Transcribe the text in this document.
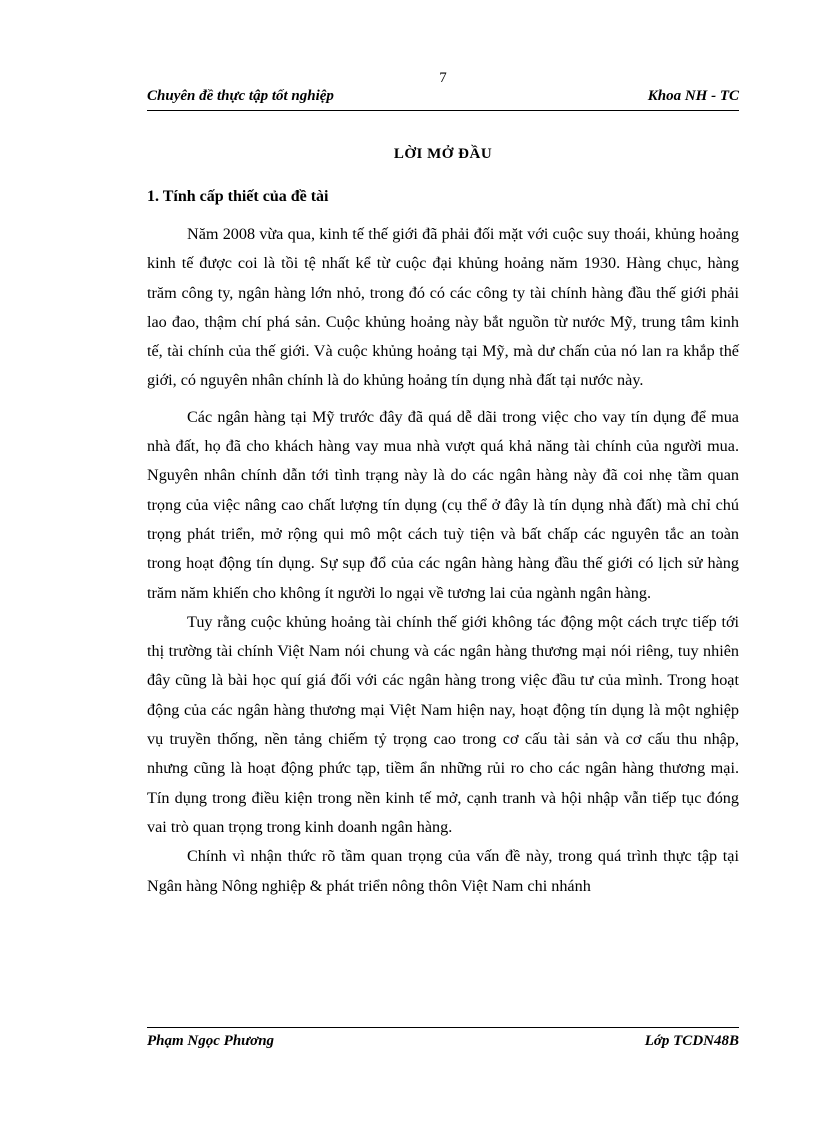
7
Chuyên đề thực tập tốt nghiệp	Khoa NH - TC
LỜI MỞ ĐẦU
1. Tính cấp thiết của đề tài

Năm 2008 vừa qua, kinh tế thế giới đã phải đối mặt với cuộc suy thoái, khủng hoảng kinh tế được coi là tồi tệ nhất kể từ cuộc đại khủng hoảng năm 1930. Hàng chục, hàng trăm công ty, ngân hàng lớn nhỏ, trong đó có các công ty tài chính hàng đầu thế giới phải lao đao, thậm chí phá sản. Cuộc khủng hoảng này bắt nguồn từ nước Mỹ, trung tâm kinh tế, tài chính của thế giới. Và cuộc khủng hoảng tại Mỹ, mà dư chấn của nó lan ra khắp thế giới, có nguyên nhân chính là do khủng hoảng tín dụng nhà đất tại nước này.

Các ngân hàng tại Mỹ trước đây đã quá dễ dãi trong việc cho vay tín dụng để mua nhà đất, họ đã cho khách hàng vay mua nhà vượt quá khả năng tài chính của người mua. Nguyên nhân chính dẫn tới tình trạng này là do các ngân hàng này đã coi nhẹ tầm quan trọng của việc nâng cao chất lượng tín dụng (cụ thể ở đây là tín dụng nhà đất) mà chỉ chú trọng phát triển, mở rộng qui mô một cách tuỳ tiện và bất chấp các nguyên tắc an toàn trong hoạt động tín dụng. Sự sụp đổ của các ngân hàng hàng đầu thế giới có lịch sử hàng trăm năm khiến cho không ít người lo ngại về tương lai của ngành ngân hàng.

Tuy rằng cuộc khủng hoảng tài chính thế giới không tác động một cách trực tiếp tới thị trường tài chính Việt Nam nói chung và các ngân hàng thương mại nói riêng, tuy nhiên đây cũng là bài học quí giá đối với các ngân hàng trong việc đầu tư của mình. Trong hoạt động của các ngân hàng thương mại Việt Nam hiện nay, hoạt động tín dụng là một nghiệp vụ truyền thống, nền tảng chiếm tỷ trọng cao trong cơ cấu tài sản và cơ cấu thu nhập, nhưng cũng là hoạt động phức tạp, tiềm ẩn những rủi ro cho các ngân hàng thương mại. Tín dụng trong điều kiện trong nền kinh tế mở, cạnh tranh và hội nhập vẫn tiếp tục đóng vai trò quan trọng trong kinh doanh ngân hàng.

Chính vì nhận thức rõ tầm quan trọng của vấn đề này, trong quá trình thực tập tại Ngân hàng Nông nghiệp & phát triển nông thôn Việt Nam chi nhánh

Phạm Ngọc Phương	Lớp TCDN48B
